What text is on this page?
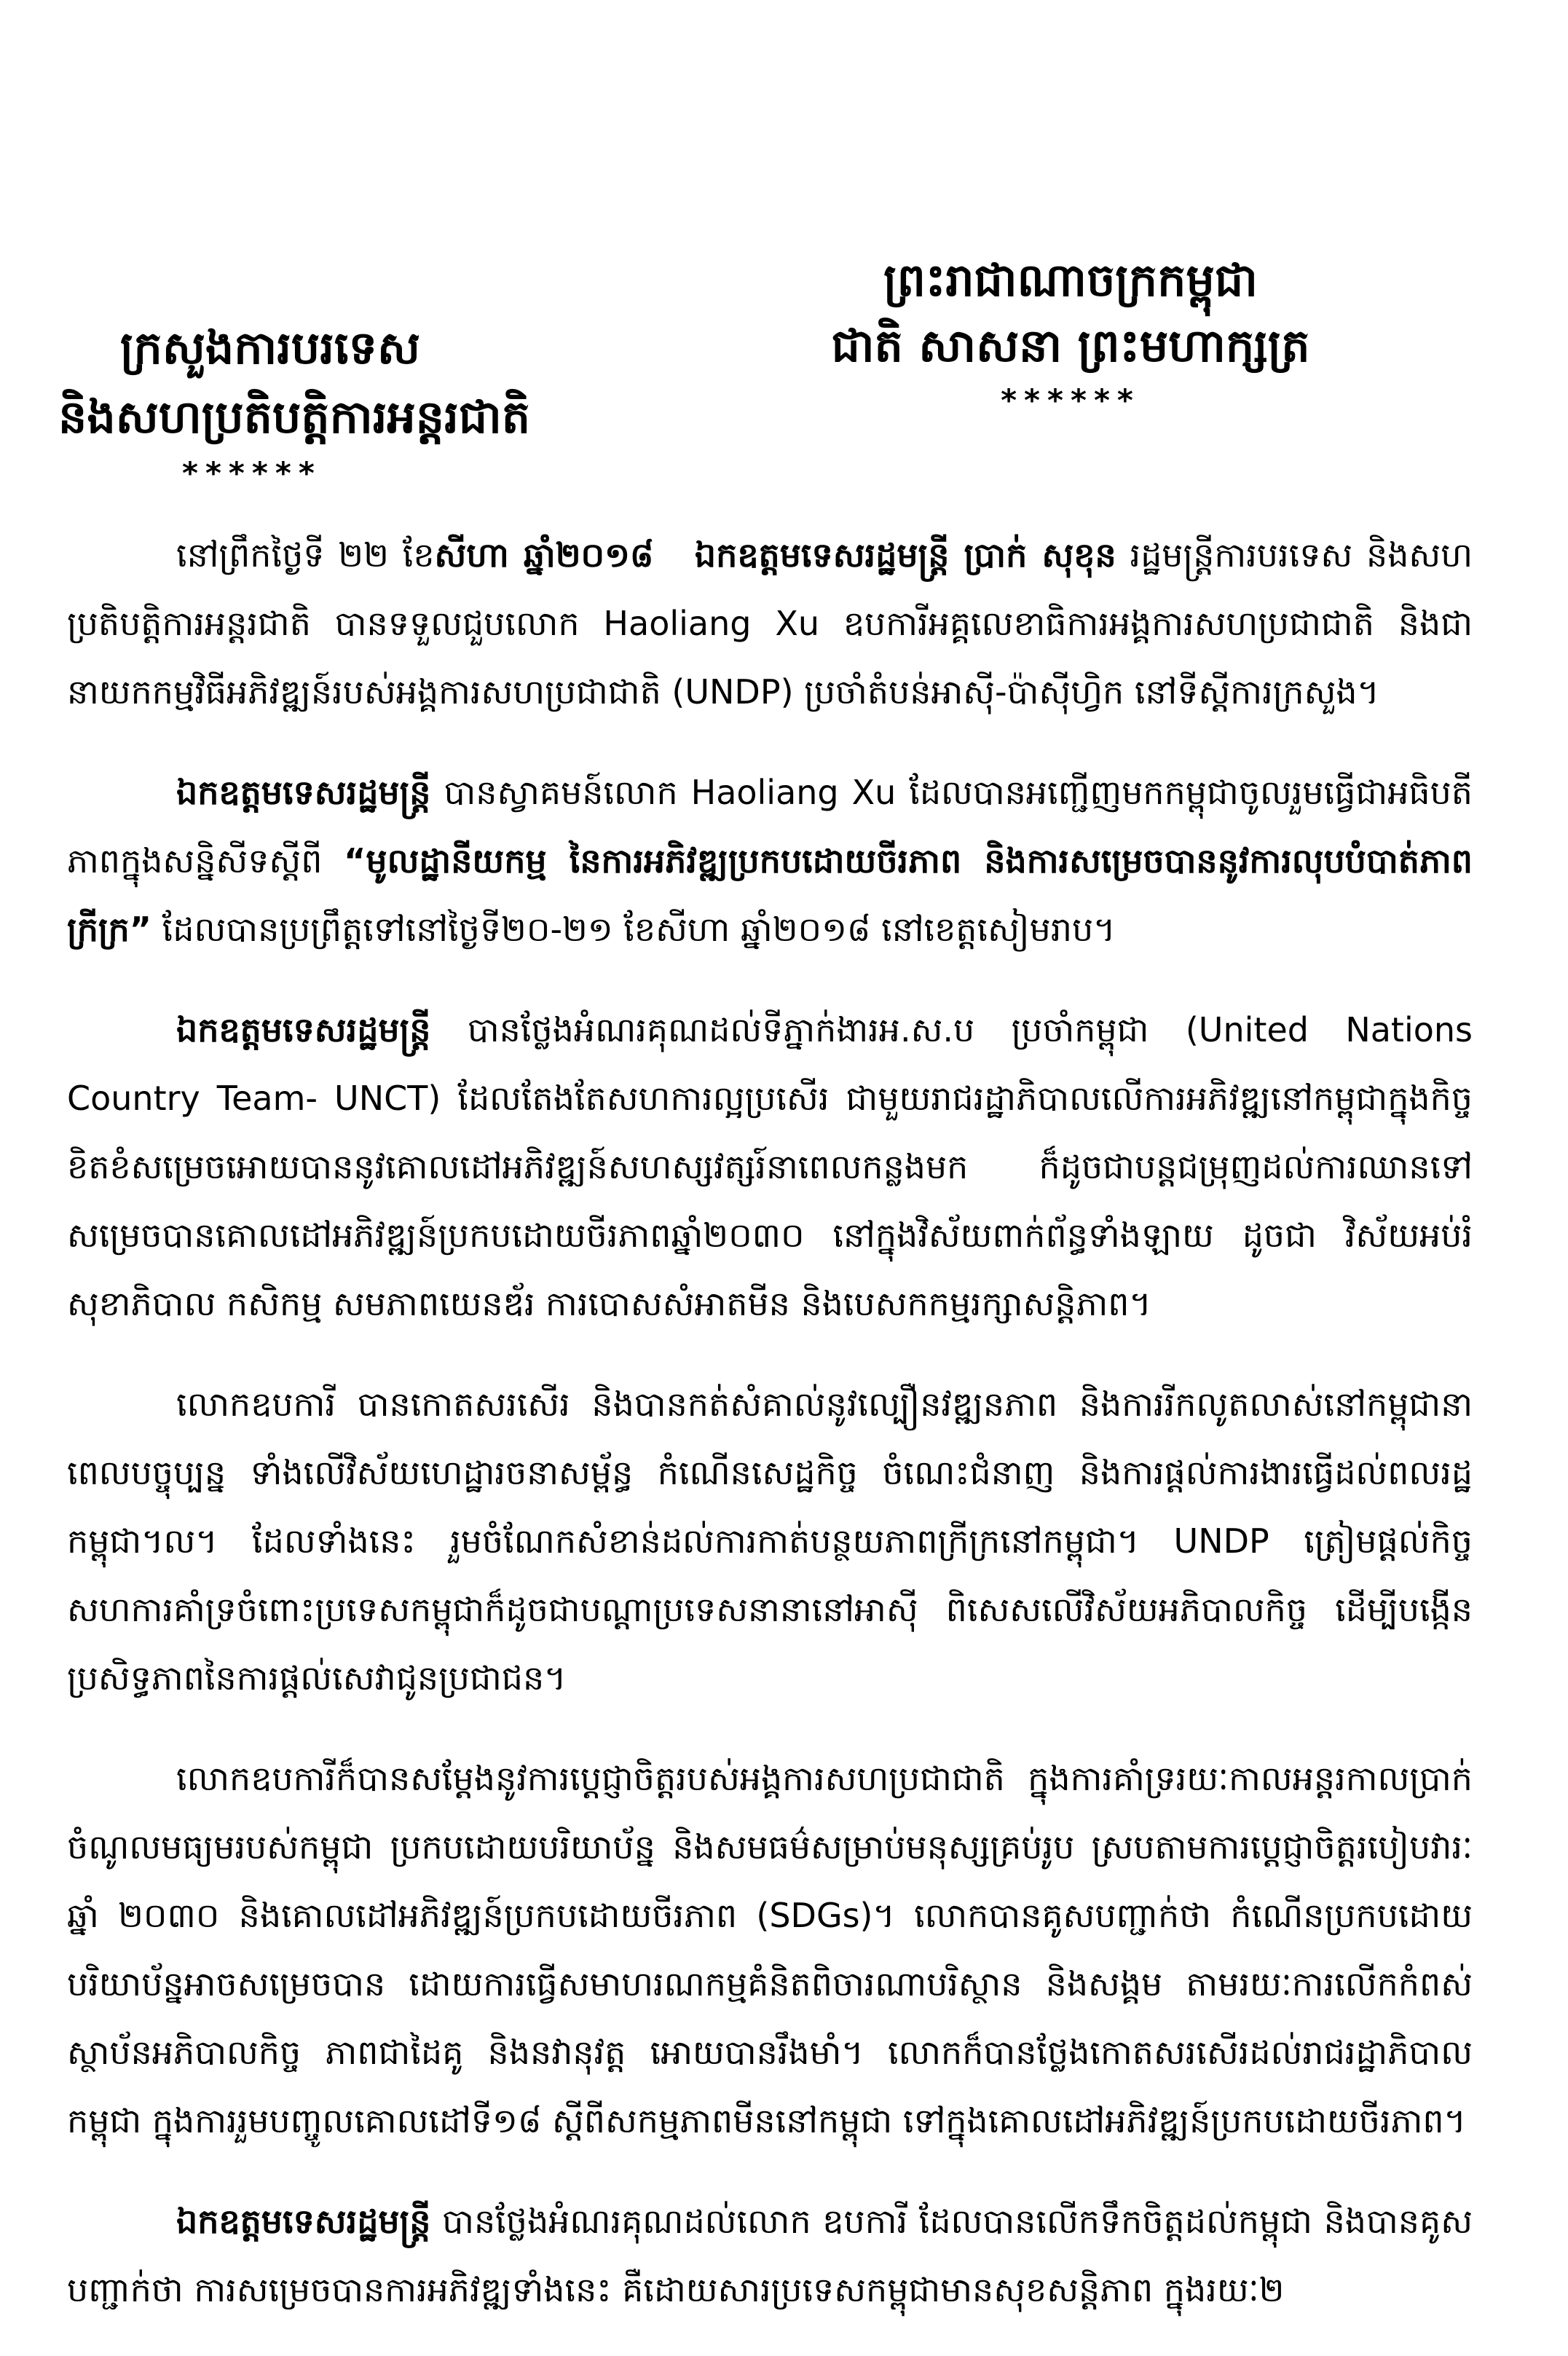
ព្រះរាជាណាចក្រកម្ពុជា
ជាតិ សាសនា ព្រះមហាក្សត្រ
******
ក្រសួងការបរទេស
និងសហប្រតិបត្តិការអន្តរជាតិ
******

នៅព្រឹកថ្ងៃទី ២២ ខែសីហា ឆ្នាំ២០១៨ ឯកឧត្តមទេសរដ្ឋមន្ត្រី ប្រាក់ សុខុន រដ្ឋមន្ត្រីការបរទេស និងសហប្រតិបត្តិការអន្តរជាតិ បានទទួលជួបលោក Haoliang Xu ឧបការីអគ្គលេខាធិការអង្គការសហប្រជាជាតិ និងជានាយកកម្មវិធីអភិវឌ្ឍន៍របស់អង្គការសហប្រជាជាតិ (UNDP) ប្រចាំតំបន់អាស៊ី-ប៉ាស៊ីហ្វិក នៅទីស្តីការក្រសួង។

ឯកឧត្តមទេសរដ្ឋមន្ត្រី បានស្វាគមន៍លោក Haoliang Xu ដែលបានអញ្ជើញមកកម្ពុជាចូលរួមធ្វើជាអធិបតីភាពក្នុងសន្និសីទស្តីពី “មូលដ្ឋានីយកម្ម នៃការអភិវឌ្ឍប្រកបដោយចីរភាព និងការសម្រេចបាននូវការលុបបំបាត់ភាពក្រីក្រ” ដែលបានប្រព្រឹត្តទៅនៅថ្ងៃទី២០-២១ ខែសីហា ឆ្នាំ២០១៨ នៅខេត្តសៀមរាប។

ឯកឧត្តមទេសរដ្ឋមន្ត្រី បានថ្លែងអំណរគុណដល់ទីភ្នាក់ងារអ.ស.ប ប្រចាំកម្ពុជា (United Nations Country Team- UNCT) ដែលតែងតែសហការល្អប្រសើរ ជាមួយរាជរដ្ឋាភិបាលលើការអភិវឌ្ឍនៅកម្ពុជាក្នុងកិច្ចខិតខំសម្រេចអោយបាននូវគោលដៅអភិវឌ្ឍន៍សហស្សវត្សរ៍នាពេលកន្លងមក ក៏ដូចជាបន្តជម្រុញដល់ការឈានទៅសម្រេចបានគោលដៅអភិវឌ្ឍន៍ប្រកបដោយចីរភាពឆ្នាំ២០៣០ នៅក្នុងវិស័យពាក់ព័ន្ធទាំងឡាយ ដូចជា វិស័យអប់រំ សុខាភិបាល កសិកម្ម សមភាពយេនឌ័រ ការបោសសំអាតមីន និងបេសកកម្មរក្សាសន្តិភាព។

លោកឧបការី បានកោតសរសើរ និងបានកត់សំគាល់នូវល្បឿនវឌ្ឍនភាព និងការរីកលូតលាស់នៅកម្ពុជានាពេលបច្ចុប្បន្ន ទាំងលើវិស័យហេដ្ឋារចនាសម្ព័ន្ធ កំណើនសេដ្ឋកិច្ច ចំណេះជំនាញ និងការផ្តល់ការងារធ្វើដល់ពលរដ្ឋកម្ពុជា។ល។ ដែលទាំងនេះ រួមចំណែកសំខាន់ដល់ការកាត់បន្ថយភាពក្រីក្រនៅកម្ពុជា។ UNDP ត្រៀមផ្តល់កិច្ចសហការគាំទ្រចំពោះប្រទេសកម្ពុជាក៏ដូចជាបណ្តាប្រទេសនានានៅអាស៊ី ពិសេសលើវិស័យអភិបាលកិច្ច ដើម្បីបង្កើនប្រសិទ្ធភាពនៃការផ្តល់សេវាជូនប្រជាជន។

លោកឧបការីក៏បានសម្តែងនូវការប្តេជ្ញាចិត្តរបស់អង្គការសហប្រជាជាតិ ក្នុងការគាំទ្ររយៈកាលអន្តរកាលប្រាក់ចំណូលមធ្យមរបស់កម្ពុជា ប្រកបដោយបរិយាប័ន្ន និងសមធម៌សម្រាប់មនុស្សគ្រប់រូប ស្របតាមការប្តេជ្ញាចិត្តរបៀបវារៈឆ្នាំ ២០៣០ និងគោលដៅអភិវឌ្ឍន៍ប្រកបដោយចីរភាព (SDGs)។ លោកបានគូសបញ្ជាក់ថា កំណើនប្រកបដោយបរិយាប័ន្នអាចសម្រេចបាន ដោយការធ្វើសមាហរណកម្មគំនិតពិចារណាបរិស្ថាន និងសង្គម តាមរយៈការលើកកំពស់ស្ថាប័នអភិបាលកិច្ច ភាពជាដៃគូ និងនវានុវត្ត អោយបានរឹងមាំ។ លោកក៏បានថ្លែងកោតសរសើរដល់រាជរដ្ឋាភិបាលកម្ពុជា ក្នុងការរួមបញ្ចូលគោលដៅទី១៨ ស្តីពីសកម្មភាពមីននៅកម្ពុជា ទៅក្នុងគោលដៅអភិវឌ្ឍន៍ប្រកបដោយចីរភាព។

ឯកឧត្តមទេសរដ្ឋមន្ត្រី បានថ្លែងអំណរគុណដល់លោក ឧបការី ដែលបានលើកទឹកចិត្តដល់កម្ពុជា និងបានគូសបញ្ជាក់ថា ការសម្រេចបានការអភិវឌ្ឍទាំងនេះ គឺដោយសារប្រទេសកម្ពុជាមានសុខសន្តិភាព ក្នុងរយៈ២
